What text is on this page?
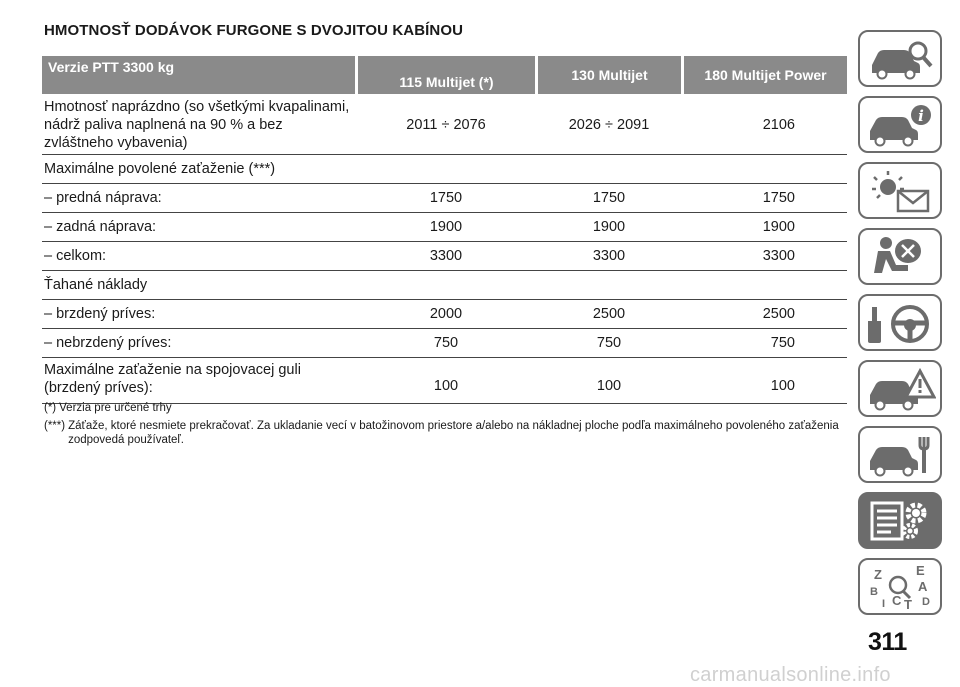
HMOTNOSŤ DODÁVOK FURGONE S DVOJITOU KABÍNOU
Verzie PTT 3300 kg	115 Multijet (*)	130 Multijet	180 Multijet Power
Hmotnosť naprázdno (so všetkými kvapalinami,
nádrž paliva naplnená na 90 % a bez
zvláštneho vybavenia)	2011 ÷ 2076	2026 ÷ 2091	2106
Maximálne povolené zaťaženie (***)			
– predná náprava:	1750	1750	1750
– zadná náprava:	1900	1900	1900
– celkom:	3300	3300	3300
Ťahané náklady			
– brzdený príves:	2000	2500	2500
– nebrzdený príves:	750	750	750
Maximálne zaťaženie na spojovacej guli
(brzdený príves):	100	100	100
(*) Verzia pre určené trhy
(***) Záťaže, ktoré nesmiete prekračovať. Za ukladanie vecí v batožinovom priestore a/alebo na nákladnej ploche podľa maximálneho povoleného zaťaženia zodpovedá používateľ.
i
Z	E
A
B
C D
T
I
311
carmanualsonline.info
